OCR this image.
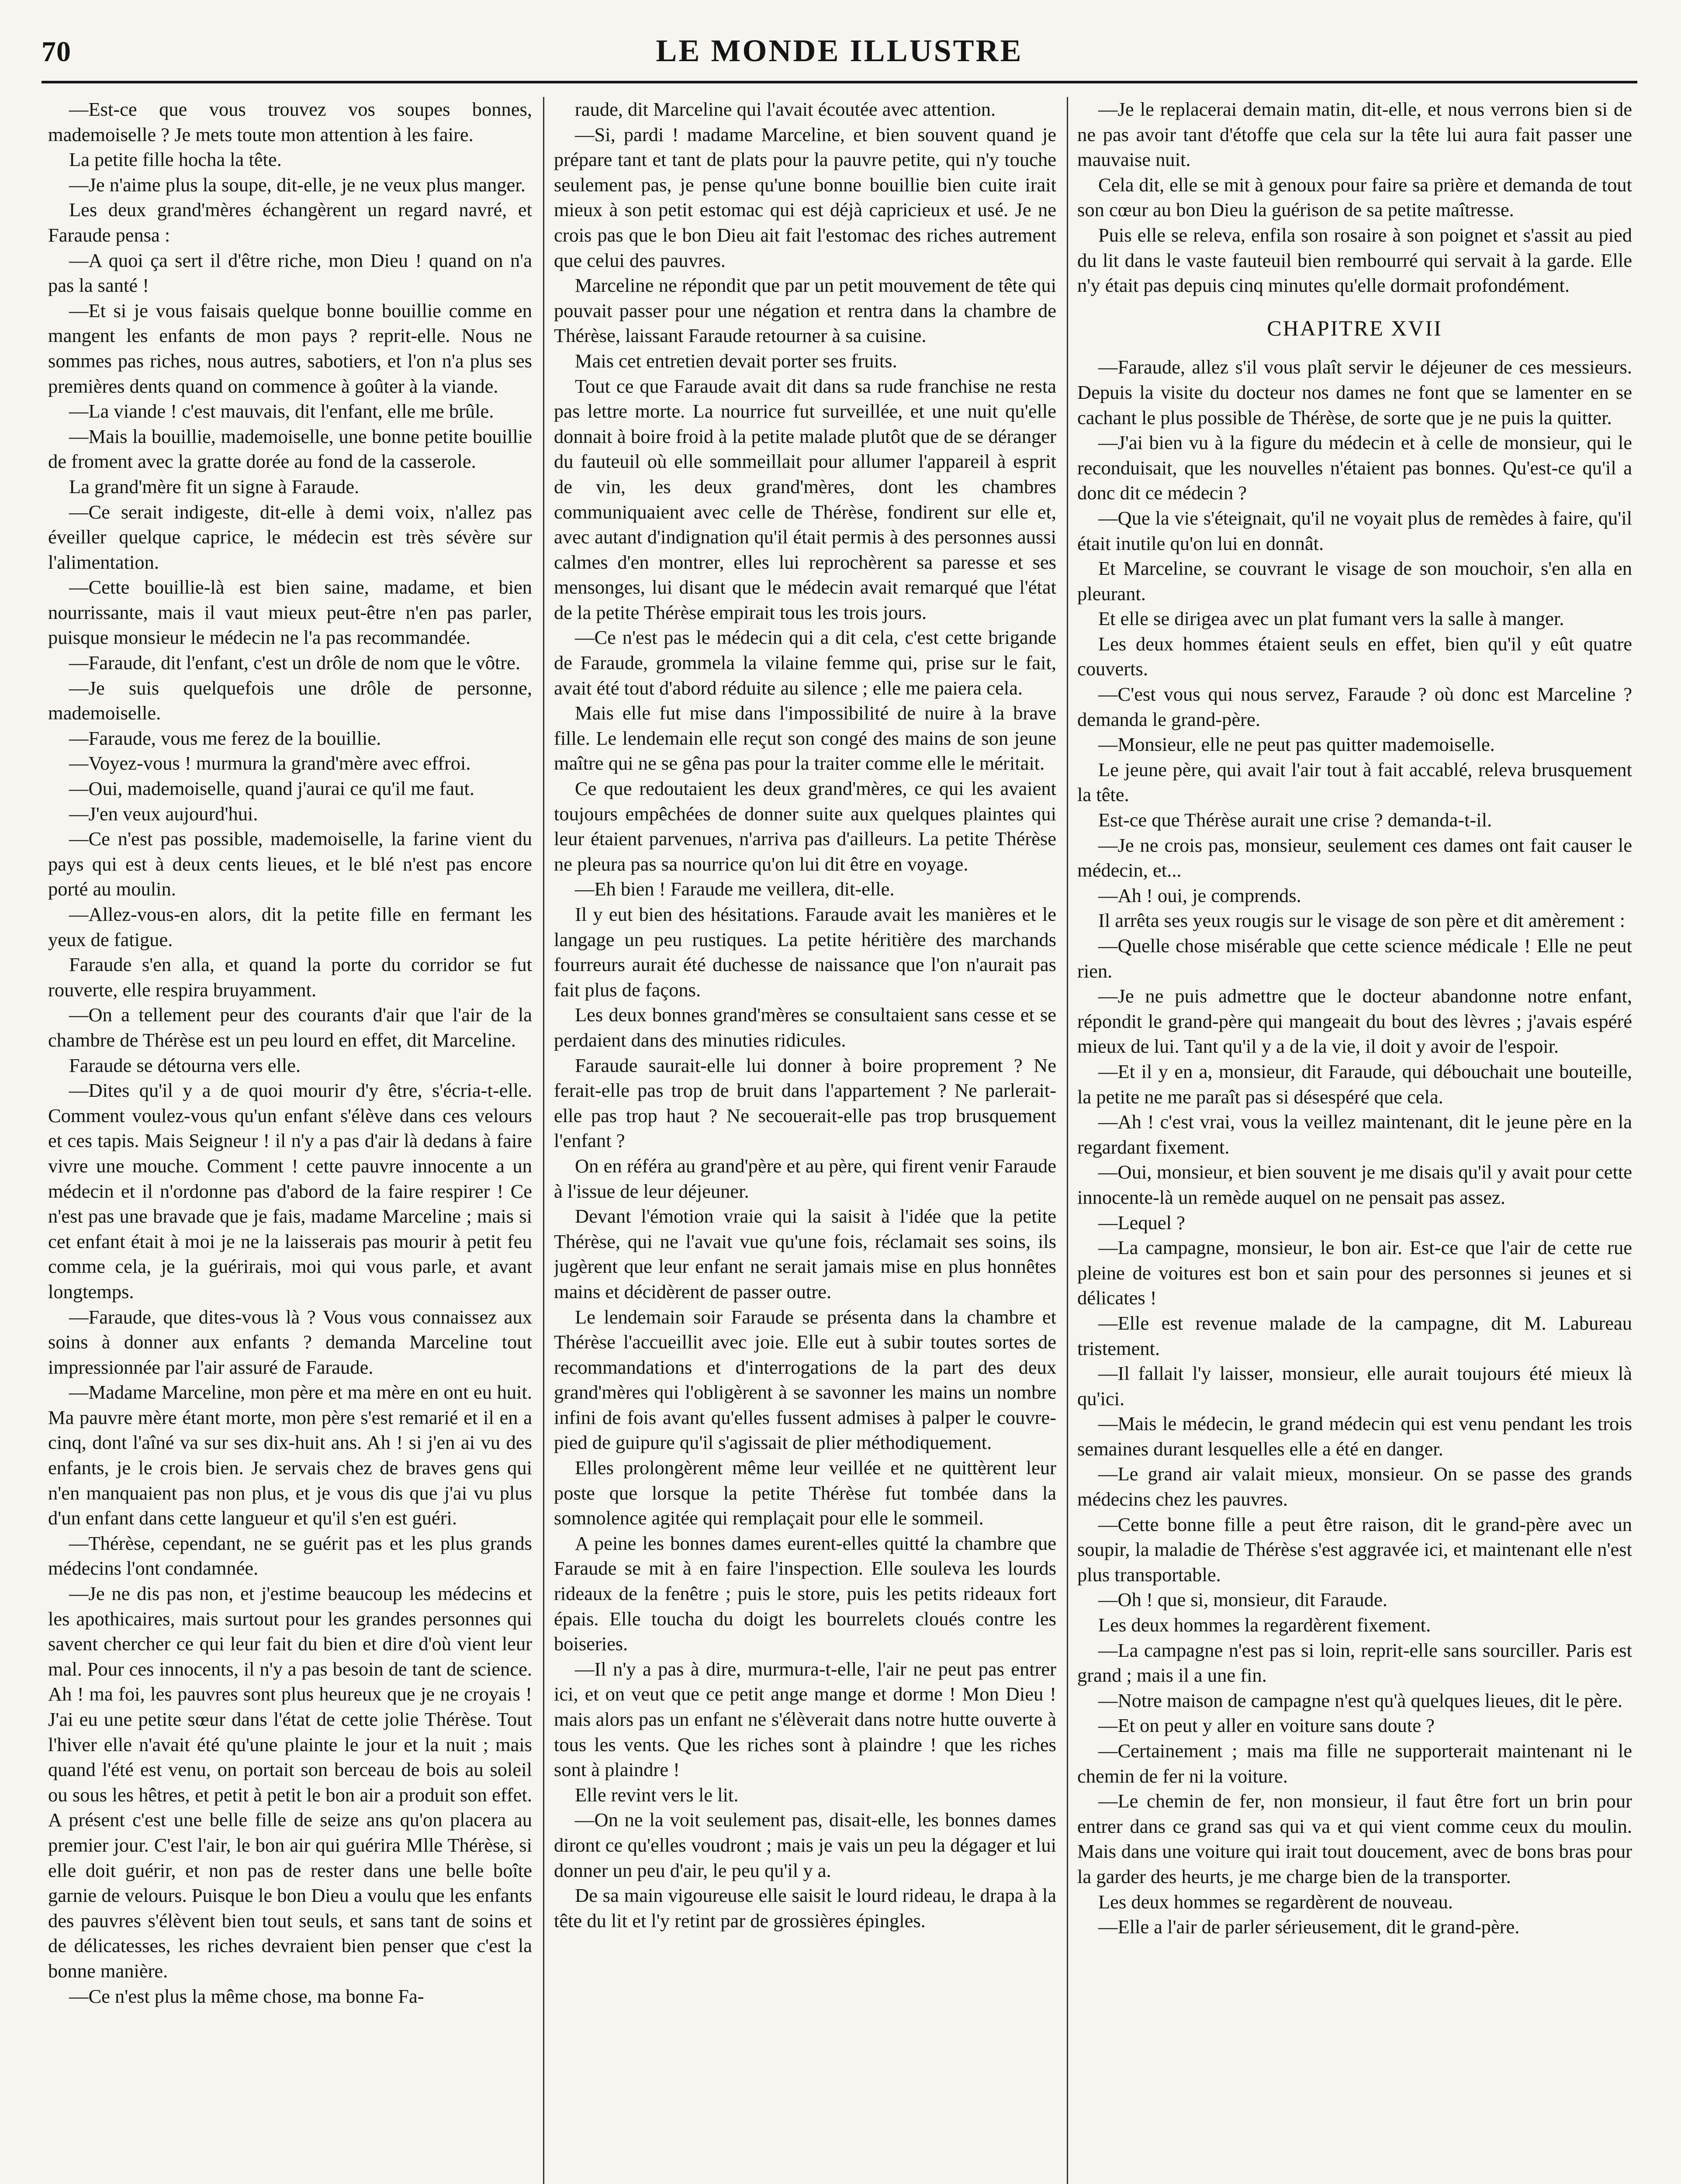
70	LE MONDE ILLUSTRE

—Est-ce que vous trouvez vos soupes bonnes, mademoiselle ? Je mets toute mon attention à les faire.

La petite fille hocha la tête.

—Je n'aime plus la soupe, dit-elle, je ne veux plus manger.

Les deux grand'mères échangèrent un regard navré, et Faraude pensa :

—A quoi ça sert il d'être riche, mon Dieu ! quand on n'a pas la santé !

—Et si je vous faisais quelque bonne bouillie comme en mangent les enfants de mon pays ? reprit-elle. Nous ne sommes pas riches, nous autres, sabotiers, et l'on n'a plus ses premières dents quand on commence à goûter à la viande.

—La viande ! c'est mauvais, dit l'enfant, elle me brûle.

—Mais la bouillie, mademoiselle, une bonne petite bouillie de froment avec la gratte dorée au fond de la casserole.

La grand'mère fit un signe à Faraude.

—Ce serait indigeste, dit-elle à demi voix, n'allez pas éveiller quelque caprice, le médecin est très sévère sur l'alimentation.

—Cette bouillie-là est bien saine, madame, et bien nourrissante, mais il vaut mieux peut-être n'en pas parler, puisque monsieur le médecin ne l'a pas recommandée.

—Faraude, dit l'enfant, c'est un drôle de nom que le vôtre.

—Je suis quelquefois une drôle de personne, mademoiselle.

—Faraude, vous me ferez de la bouillie.

—Voyez-vous ! murmura la grand'mère avec effroi.

—Oui, mademoiselle, quand j'aurai ce qu'il me faut.

—J'en veux aujourd'hui.

—Ce n'est pas possible, mademoiselle, la farine vient du pays qui est à deux cents lieues, et le blé n'est pas encore porté au moulin.

—Allez-vous-en alors, dit la petite fille en fermant les yeux de fatigue.

Faraude s'en alla, et quand la porte du corridor se fut rouverte, elle respira bruyamment.

—On a tellement peur des courants d'air que l'air de la chambre de Thérèse est un peu lourd en effet, dit Marceline.

Faraude se détourna vers elle.

—Dites qu'il y a de quoi mourir d'y être, s'écria-t-elle. Comment voulez-vous qu'un enfant s'élève dans ces velours et ces tapis. Mais Seigneur ! il n'y a pas d'air là dedans à faire vivre une mouche. Comment ! cette pauvre innocente a un médecin et il n'ordonne pas d'abord de la faire respirer ! Ce n'est pas une bravade que je fais, madame Marceline ; mais si cet enfant était à moi je ne la laisserais pas mourir à petit feu comme cela, je la guérirais, moi qui vous parle, et avant longtemps.

—Faraude, que dites-vous là ? Vous vous connaissez aux soins à donner aux enfants ? demanda Marceline tout impressionnée par l'air assuré de Faraude.

—Madame Marceline, mon père et ma mère en ont eu huit. Ma pauvre mère étant morte, mon père s'est remarié et il en a cinq, dont l'aîné va sur ses dix-huit ans. Ah ! si j'en ai vu des enfants, je le crois bien. Je servais chez de braves gens qui n'en manquaient pas non plus, et je vous dis que j'ai vu plus d'un enfant dans cette langueur et qu'il s'en est guéri.

—Thérèse, cependant, ne se guérit pas et les plus grands médecins l'ont condamnée.

—Je ne dis pas non, et j'estime beaucoup les médecins et les apothicaires, mais surtout pour les grandes personnes qui savent chercher ce qui leur fait du bien et dire d'où vient leur mal. Pour ces innocents, il n'y a pas besoin de tant de science. Ah ! ma foi, les pauvres sont plus heureux que je ne croyais ! J'ai eu une petite sœur dans l'état de cette jolie Thérèse. Tout l'hiver elle n'avait été qu'une plainte le jour et la nuit ; mais quand l'été est venu, on portait son berceau de bois au soleil ou sous les hêtres, et petit à petit le bon air a produit son effet. A présent c'est une belle fille de seize ans qu'on placera au premier jour. C'est l'air, le bon air qui guérira Mlle Thérèse, si elle doit guérir, et non pas de rester dans une belle boîte garnie de velours. Puisque le bon Dieu a voulu que les enfants des pauvres s'élèvent bien tout seuls, et sans tant de soins et de délicatesses, les riches devraient bien penser que c'est la bonne manière.

—Ce n'est plus la même chose, ma bonne Fa-

raude, dit Marceline qui l'avait écoutée avec attention.

—Si, pardi ! madame Marceline, et bien souvent quand je prépare tant et tant de plats pour la pauvre petite, qui n'y touche seulement pas, je pense qu'une bonne bouillie bien cuite irait mieux à son petit estomac qui est déjà capricieux et usé. Je ne crois pas que le bon Dieu ait fait l'estomac des riches autrement que celui des pauvres.

Marceline ne répondit que par un petit mouvement de tête qui pouvait passer pour une négation et rentra dans la chambre de Thérèse, laissant Faraude retourner à sa cuisine.

Mais cet entretien devait porter ses fruits.

Tout ce que Faraude avait dit dans sa rude franchise ne resta pas lettre morte. La nourrice fut surveillée, et une nuit qu'elle donnait à boire froid à la petite malade plutôt que de se déranger du fauteuil où elle sommeillait pour allumer l'appareil à esprit de vin, les deux grand'mères, dont les chambres communiquaient avec celle de Thérèse, fondirent sur elle et, avec autant d'indignation qu'il était permis à des personnes aussi calmes d'en montrer, elles lui reprochèrent sa paresse et ses mensonges, lui disant que le médecin avait remarqué que l'état de la petite Thérèse empirait tous les trois jours.

—Ce n'est pas le médecin qui a dit cela, c'est cette brigande de Faraude, grommela la vilaine femme qui, prise sur le fait, avait été tout d'abord réduite au silence ; elle me paiera cela.

Mais elle fut mise dans l'impossibilité de nuire à la brave fille. Le lendemain elle reçut son congé des mains de son jeune maître qui ne se gêna pas pour la traiter comme elle le méritait.

Ce que redoutaient les deux grand'mères, ce qui les avaient toujours empêchées de donner suite aux quelques plaintes qui leur étaient parvenues, n'arriva pas d'ailleurs. La petite Thérèse ne pleura pas sa nourrice qu'on lui dit être en voyage.

—Eh bien ! Faraude me veillera, dit-elle.

Il y eut bien des hésitations. Faraude avait les manières et le langage un peu rustiques. La petite héritière des marchands fourreurs aurait été duchesse de naissance que l'on n'aurait pas fait plus de façons.

Les deux bonnes grand'mères se consultaient sans cesse et se perdaient dans des minuties ridicules.

Faraude saurait-elle lui donner à boire proprement ? Ne ferait-elle pas trop de bruit dans l'appartement ? Ne parlerait-elle pas trop haut ? Ne secouerait-elle pas trop brusquement l'enfant ?

On en référa au grand'père et au père, qui firent venir Faraude à l'issue de leur déjeuner.

Devant l'émotion vraie qui la saisit à l'idée que la petite Thérèse, qui ne l'avait vue qu'une fois, réclamait ses soins, ils jugèrent que leur enfant ne serait jamais mise en plus honnêtes mains et décidèrent de passer outre.

Le lendemain soir Faraude se présenta dans la chambre et Thérèse l'accueillit avec joie. Elle eut à subir toutes sortes de recommandations et d'interrogations de la part des deux grand'mères qui l'obligèrent à se savonner les mains un nombre infini de fois avant qu'elles fussent admises à palper le couvre-pied de guipure qu'il s'agissait de plier méthodiquement.

Elles prolongèrent même leur veillée et ne quittèrent leur poste que lorsque la petite Thérèse fut tombée dans la somnolence agitée qui remplaçait pour elle le sommeil.

A peine les bonnes dames eurent-elles quitté la chambre que Faraude se mit à en faire l'inspection. Elle souleva les lourds rideaux de la fenêtre ; puis le store, puis les petits rideaux fort épais. Elle toucha du doigt les bourrelets cloués contre les boiseries.

—Il n'y a pas à dire, murmura-t-elle, l'air ne peut pas entrer ici, et on veut que ce petit ange mange et dorme ! Mon Dieu ! mais alors pas un enfant ne s'élèverait dans notre hutte ouverte à tous les vents. Que les riches sont à plaindre ! que les riches sont à plaindre !

Elle revint vers le lit.

—On ne la voit seulement pas, disait-elle, les bonnes dames diront ce qu'elles voudront ; mais je vais un peu la dégager et lui donner un peu d'air, le peu qu'il y a.

De sa main vigoureuse elle saisit le lourd rideau, le drapa à la tête du lit et l'y retint par de grossières épingles.

—Je le replacerai demain matin, dit-elle, et nous verrons bien si de ne pas avoir tant d'étoffe que cela sur la tête lui aura fait passer une mauvaise nuit.

Cela dit, elle se mit à genoux pour faire sa prière et demanda de tout son cœur au bon Dieu la guérison de sa petite maîtresse.

Puis elle se releva, enfila son rosaire à son poignet et s'assit au pied du lit dans le vaste fauteuil bien rembourré qui servait à la garde. Elle n'y était pas depuis cinq minutes qu'elle dormait profondément.

CHAPITRE XVII

—Faraude, allez s'il vous plaît servir le déjeuner de ces messieurs. Depuis la visite du docteur nos dames ne font que se lamenter en se cachant le plus possible de Thérèse, de sorte que je ne puis la quitter.

—J'ai bien vu à la figure du médecin et à celle de monsieur, qui le reconduisait, que les nouvelles n'étaient pas bonnes. Qu'est-ce qu'il a donc dit ce médecin ?

—Que la vie s'éteignait, qu'il ne voyait plus de remèdes à faire, qu'il était inutile qu'on lui en donnât.

Et Marceline, se couvrant le visage de son mouchoir, s'en alla en pleurant.

Et elle se dirigea avec un plat fumant vers la salle à manger.

Les deux hommes étaient seuls en effet, bien qu'il y eût quatre couverts.

—C'est vous qui nous servez, Faraude ? où donc est Marceline ? demanda le grand-père.

—Monsieur, elle ne peut pas quitter mademoiselle.

Le jeune père, qui avait l'air tout à fait accablé, releva brusquement la tête.

Est-ce que Thérèse aurait une crise ? demanda-t-il.

—Je ne crois pas, monsieur, seulement ces dames ont fait causer le médecin, et...

—Ah ! oui, je comprends.

Il arrêta ses yeux rougis sur le visage de son père et dit amèrement :

—Quelle chose misérable que cette science médicale ! Elle ne peut rien.

—Je ne puis admettre que le docteur abandonne notre enfant, répondit le grand-père qui mangeait du bout des lèvres ; j'avais espéré mieux de lui. Tant qu'il y a de la vie, il doit y avoir de l'espoir.

—Et il y en a, monsieur, dit Faraude, qui débouchait une bouteille, la petite ne me paraît pas si désespéré que cela.

—Ah ! c'est vrai, vous la veillez maintenant, dit le jeune père en la regardant fixement.

—Oui, monsieur, et bien souvent je me disais qu'il y avait pour cette innocente-là un remède auquel on ne pensait pas assez.

—Lequel ?

—La campagne, monsieur, le bon air. Est-ce que l'air de cette rue pleine de voitures est bon et sain pour des personnes si jeunes et si délicates !

—Elle est revenue malade de la campagne, dit M. Labureau tristement.

—Il fallait l'y laisser, monsieur, elle aurait toujours été mieux là qu'ici.

—Mais le médecin, le grand médecin qui est venu pendant les trois semaines durant lesquelles elle a été en danger.

—Le grand air valait mieux, monsieur. On se passe des grands médecins chez les pauvres.

—Cette bonne fille a peut être raison, dit le grand-père avec un soupir, la maladie de Thérèse s'est aggravée ici, et maintenant elle n'est plus transportable.

—Oh ! que si, monsieur, dit Faraude.

Les deux hommes la regardèrent fixement.

—La campagne n'est pas si loin, reprit-elle sans sourciller. Paris est grand ; mais il a une fin.

—Notre maison de campagne n'est qu'à quelques lieues, dit le père.

—Et on peut y aller en voiture sans doute ?

—Certainement ; mais ma fille ne supporterait maintenant ni le chemin de fer ni la voiture.

—Le chemin de fer, non monsieur, il faut être fort un brin pour entrer dans ce grand sas qui va et qui vient comme ceux du moulin. Mais dans une voiture qui irait tout doucement, avec de bons bras pour la garder des heurts, je me charge bien de la transporter.

Les deux hommes se regardèrent de nouveau.

—Elle a l'air de parler sérieusement, dit le grand-père.
